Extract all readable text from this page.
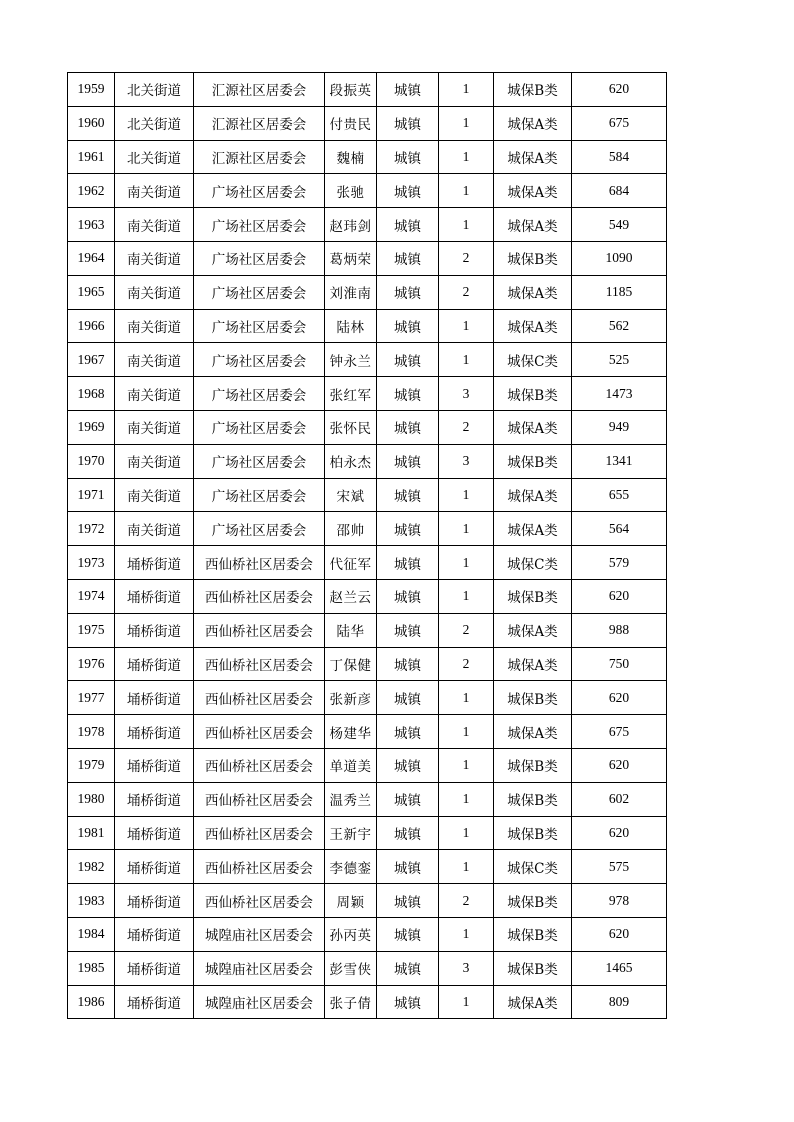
1959	北关街道	汇源社区居委会	段振英	城镇	1	城保B类	620
1960	北关街道	汇源社区居委会	付贵民	城镇	1	城保A类	675
1961	北关街道	汇源社区居委会	魏楠	城镇	1	城保A类	584
1962	南关街道	广场社区居委会	张驰	城镇	1	城保A类	684
1963	南关街道	广场社区居委会	赵玮剑	城镇	1	城保A类	549
1964	南关街道	广场社区居委会	葛炳荣	城镇	2	城保B类	1090
1965	南关街道	广场社区居委会	刘淮南	城镇	2	城保A类	1185
1966	南关街道	广场社区居委会	陆林	城镇	1	城保A类	562
1967	南关街道	广场社区居委会	钟永兰	城镇	1	城保C类	525
1968	南关街道	广场社区居委会	张红军	城镇	3	城保B类	1473
1969	南关街道	广场社区居委会	张怀民	城镇	2	城保A类	949
1970	南关街道	广场社区居委会	柏永杰	城镇	3	城保B类	1341
1971	南关街道	广场社区居委会	宋斌	城镇	1	城保A类	655
1972	南关街道	广场社区居委会	邵帅	城镇	1	城保A类	564
1973	埇桥街道	西仙桥社区居委会	代征军	城镇	1	城保C类	579
1974	埇桥街道	西仙桥社区居委会	赵兰云	城镇	1	城保B类	620
1975	埇桥街道	西仙桥社区居委会	陆华	城镇	2	城保A类	988
1976	埇桥街道	西仙桥社区居委会	丁保健	城镇	2	城保A类	750
1977	埇桥街道	西仙桥社区居委会	张新彦	城镇	1	城保B类	620
1978	埇桥街道	西仙桥社区居委会	杨建华	城镇	1	城保A类	675
1979	埇桥街道	西仙桥社区居委会	单道美	城镇	1	城保B类	620
1980	埇桥街道	西仙桥社区居委会	温秀兰	城镇	1	城保B类	602
1981	埇桥街道	西仙桥社区居委会	王新宇	城镇	1	城保B类	620
1982	埇桥街道	西仙桥社区居委会	李德銮	城镇	1	城保C类	575
1983	埇桥街道	西仙桥社区居委会	周颖	城镇	2	城保B类	978
1984	埇桥街道	城隍庙社区居委会	孙丙英	城镇	1	城保B类	620
1985	埇桥街道	城隍庙社区居委会	彭雪侠	城镇	3	城保B类	1465
1986	埇桥街道	城隍庙社区居委会	张子倩	城镇	1	城保A类	809
